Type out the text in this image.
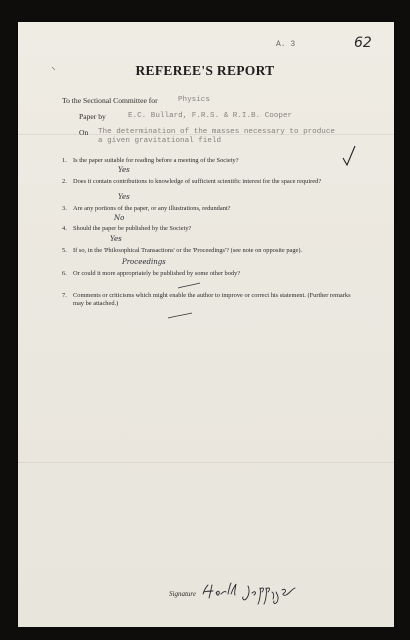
A. 3	62
REFEREE'S REPORT
To the Sectional Committee for	Physics
Paper by	E.C. Bullard, F.R.S. & R.I.B. Cooper
On The determination of the masses necessary to produce
a given gravitational field
1. Is the paper suitable for reading before a meeting of the Society?
Yes
2. Does it contain contributions to knowledge of sufficient scientific interest for the space required?
Yes
3. Are any portions of the paper, or any illustrations, redundant?
No
4. Should the paper be published by the Society?
Yes
5. If so, in the 'Philosophical Transactions' or the 'Proceedings'? (see note on opposite page).
Proceedings
6. Or could it more appropriately be published by some other body?
7. Comments or criticisms which might enable the author to improve or correct his statement. (Further remarks may be attached.)
Signature
